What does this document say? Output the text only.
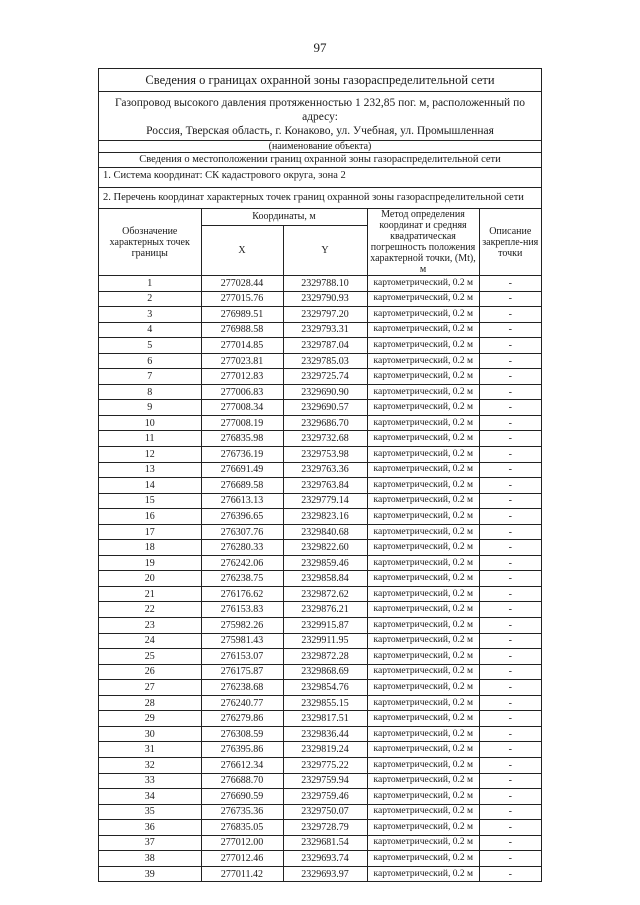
97
Сведения о границах охранной зоны газораспределительной сети
Газопровод высокого давления протяженностью 1 232,85 пог. м, расположенный по адресу:
Россия, Тверская область, г. Конаково, ул. Учебная, ул. Промышленная
(наименование объекта)
Сведения о местоположении границ охранной зоны газораспределительной сети
1. Система координат: СК кадастрового округа, зона 2
2. Перечень координат характерных точек границ охранной зоны газораспределительной сети
Обозначение характерных точек границы	Координаты, м		Метод определения координат и средняя квадратическая погрешность положения характерной точки, (Mt), м	Описание закрепле-ния точки
	X	Y		
1	277028.44	2329788.10	картометрический, 0.2 м	-
2	277015.76	2329790.93	картометрический, 0.2 м	-
3	276989.51	2329797.20	картометрический, 0.2 м	-
4	276988.58	2329793.31	картометрический, 0.2 м	-
5	277014.85	2329787.04	картометрический, 0.2 м	-
6	277023.81	2329785.03	картометрический, 0.2 м	-
7	277012.83	2329725.74	картометрический, 0.2 м	-
8	277006.83	2329690.90	картометрический, 0.2 м	-
9	277008.34	2329690.57	картометрический, 0.2 м	-
10	277008.19	2329686.70	картометрический, 0.2 м	-
11	276835.98	2329732.68	картометрический, 0.2 м	-
12	276736.19	2329753.98	картометрический, 0.2 м	-
13	276691.49	2329763.36	картометрический, 0.2 м	-
14	276689.58	2329763.84	картометрический, 0.2 м	-
15	276613.13	2329779.14	картометрический, 0.2 м	-
16	276396.65	2329823.16	картометрический, 0.2 м	-
17	276307.76	2329840.68	картометрический, 0.2 м	-
18	276280.33	2329822.60	картометрический, 0.2 м	-
19	276242.06	2329859.46	картометрический, 0.2 м	-
20	276238.75	2329858.84	картометрический, 0.2 м	-
21	276176.62	2329872.62	картометрический, 0.2 м	-
22	276153.83	2329876.21	картометрический, 0.2 м	-
23	275982.26	2329915.87	картометрический, 0.2 м	-
24	275981.43	2329911.95	картометрический, 0.2 м	-
25	276153.07	2329872.28	картометрический, 0.2 м	-
26	276175.87	2329868.69	картометрический, 0.2 м	-
27	276238.68	2329854.76	картометрический, 0.2 м	-
28	276240.77	2329855.15	картометрический, 0.2 м	-
29	276279.86	2329817.51	картометрический, 0.2 м	-
30	276308.59	2329836.44	картометрический, 0.2 м	-
31	276395.86	2329819.24	картометрический, 0.2 м	-
32	276612.34	2329775.22	картометрический, 0.2 м	-
33	276688.70	2329759.94	картометрический, 0.2 м	-
34	276690.59	2329759.46	картометрический, 0.2 м	-
35	276735.36	2329750.07	картометрический, 0.2 м	-
36	276835.05	2329728.79	картометрический, 0.2 м	-
37	277012.00	2329681.54	картометрический, 0.2 м	-
38	277012.46	2329693.74	картометрический, 0.2 м	-
39	277011.42	2329693.97	картометрический, 0.2 м	-
